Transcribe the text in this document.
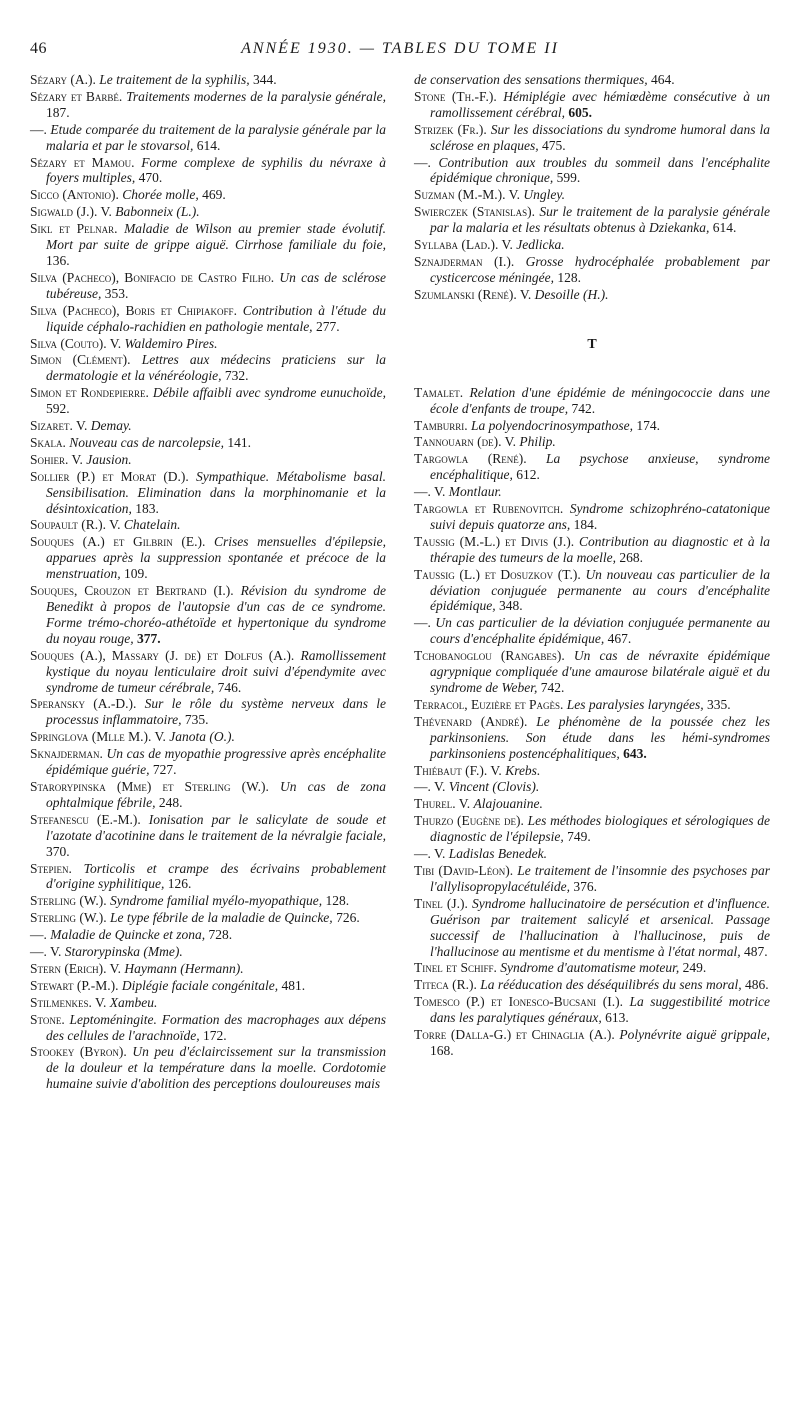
46	ANNÉE 1930. — TABLES DU TOME II

Sézary (A.). Le traitement de la syphilis, 344.

Sézary et Barbé. Traitements modernes de la paralysie générale, 187.

—. Etude comparée du traitement de la paralysie générale par la malaria et par le stovarsol, 614.

Sézary et Mamou. Forme complexe de syphilis du névraxe à foyers multiples, 470.

Sicco (Antonio). Chorée molle, 469.

Sigwald (J.). V. Babonneix (L.).

Sikl et Pelnar. Maladie de Wilson au premier stade évolutif. Mort par suite de grippe aiguë. Cirrhose familiale du foie, 136.

Silva (Pacheco), Bonifacio de Castro Filho. Un cas de sclérose tubéreuse, 353.

Silva (Pacheco), Boris et Chipiakoff. Contribution à l'étude du liquide céphalo-rachidien en pathologie mentale, 277.

Silva (Couto). V. Waldemiro Pires.

Simon (Clément). Lettres aux médecins praticiens sur la dermatologie et la vénéréologie, 732.

Simon et Rondepierre. Débile affaibli avec syndrome eunuchoïde, 592.

Sizaret. V. Demay.

Skala. Nouveau cas de narcolepsie, 141.

Sohier. V. Jausion.

Sollier (P.) et Morat (D.). Sympathique. Métabolisme basal. Sensibilisation. Elimination dans la morphinomanie et la désintoxication, 183.

Soupault (R.). V. Chatelain.

Souques (A.) et Gilbrin (E.). Crises mensuelles d'épilepsie, apparues après la suppression spontanée et précoce de la menstruation, 109.

Souques, Crouzon et Bertrand (I.). Révision du syndrome de Benedikt à propos de l'autopsie d'un cas de ce syndrome. Forme trémo-choréo-athétoïde et hypertonique du syndrome du noyau rouge, 377.

Souques (A.), Massary (J. de) et Dolfus (A.). Ramollissement kystique du noyau lenticulaire droit suivi d'épendymite avec syndrome de tumeur cérébrale, 746.

Speransky (A.-D.). Sur le rôle du système nerveux dans le processus inflammatoire, 735.

Springlova (Mlle M.). V. Janota (O.).

Sknajderman. Un cas de myopathie progressive après encéphalite épidémique guérie, 727.

Starorypinska (Mme) et Sterling (W.). Un cas de zona ophtalmique fébrile, 248.

Stefanescu (E.-M.). Ionisation par le salicylate de soude et l'azotate d'acotinine dans le traitement de la névralgie faciale, 370.

Stepien. Torticolis et crampe des écrivains probablement d'origine syphilitique, 126.

Sterling (W.). Syndrome familial myélo-myopathique, 128.

Sterling (W.). Le type fébrile de la maladie de Quincke, 726.

—. Maladie de Quincke et zona, 728.

—. V. Starorypinska (Mme).

Stern (Erich). V. Haymann (Hermann).

Stewart (P.-M.). Diplégie faciale congénitale, 481.

Stilmenkes. V. Xambeu.

Stone. Leptoméningite. Formation des macrophages aux dépens des cellules de l'arachnoïde, 172.

Stookey (Byron). Un peu d'éclaircissement sur la transmission de la douleur et la température dans la moelle. Cordotomie humaine suivie d'abolition des perceptions douloureuses mais

de conservation des sensations thermiques, 464.

Stone (Th.-F.). Hémiplégie avec hémiœdème consécutive à un ramollissement cérébral, 605.

Strizek (Fr.). Sur les dissociations du syndrome humoral dans la sclérose en plaques, 475.

—. Contribution aux troubles du sommeil dans l'encéphalite épidémique chronique, 599.

Suzman (M.-M.). V. Ungley.

Swierczek (Stanislas). Sur le traitement de la paralysie générale par la malaria et les résultats obtenus à Dziekanka, 614.

Syllaba (Lad.). V. Jedlicka.

Sznajderman (I.). Grosse hydrocéphalée probablement par cysticercose méningée, 128.

Szumlanski (René). V. Desoille (H.).

T

Tamalet. Relation d'une épidémie de méningococcie dans une école d'enfants de troupe, 742.

Tamburri. La polyendocrinosympathose, 174.

Tannouarn (de). V. Philip.

Targowla (René). La psychose anxieuse, syndrome encéphalitique, 612.

—. V. Montlaur.

Targowla et Rubenovitch. Syndrome schizophréno-catatonique suivi depuis quatorze ans, 184.

Taussig (M.-L.) et Divis (J.). Contribution au diagnostic et à la thérapie des tumeurs de la moelle, 268.

Taussig (L.) et Dosuzkov (T.). Un nouveau cas particulier de la déviation conjuguée permanente au cours d'encéphalite épidémique, 348.

—. Un cas particulier de la déviation conjuguée permanente au cours d'encéphalite épidémique, 467.

Tchobanoglou (Rangabes). Un cas de névraxite épidémique agrypnique compliquée d'une amaurose bilatérale aiguë et du syndrome de Weber, 742.

Terracol, Euzière et Pagès. Les paralysies laryngées, 335.

Thévenard (André). Le phénomène de la poussée chez les parkinsoniens. Son étude dans les hémi-syndromes parkinsoniens postencéphalitiques, 643.

Thiébaut (F.). V. Krebs.

—. V. Vincent (Clovis).

Thurel. V. Alajouanine.

Thurzo (Eugène de). Les méthodes biologiques et sérologiques de diagnostic de l'épilepsie, 749.

—. V. Ladislas Benedek.

Tibi (David-Léon). Le traitement de l'insomnie des psychoses par l'allylisopropylacétuléide, 376.

Tinel (J.). Syndrome hallucinatoire de persécution et d'influence. Guérison par traitement salicylé et arsenical. Passage successif de l'hallucination à l'hallucinose, puis de l'hallucinose au mentisme et du mentisme à l'état normal, 487.

Tinel et Schiff. Syndrome d'automatisme moteur, 249.

Titeca (R.). La rééducation des déséquilibrés du sens moral, 486.

Tomesco (P.) et Ionesco-Bucsani (I.). La suggestibilité motrice dans les paralytiques généraux, 613.

Torre (Dalla-G.) et Chinaglia (A.). Polynévrite aiguë grippale, 168.
